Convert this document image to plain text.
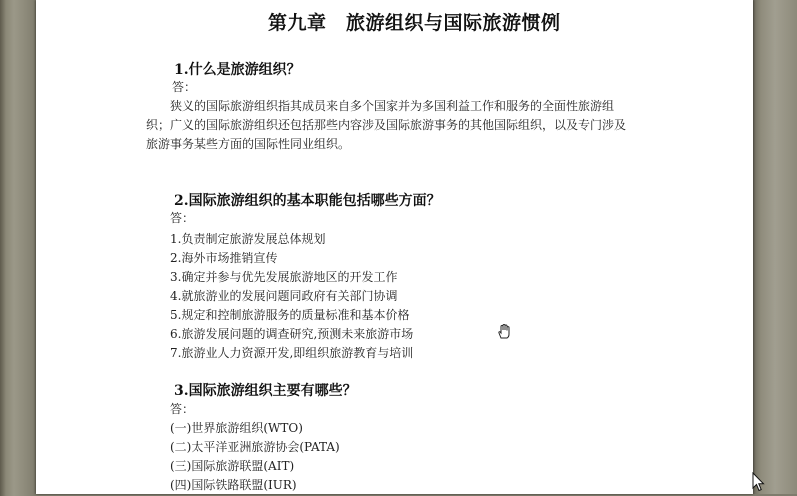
第九章　旅游组织与国际旅游惯例
1.什么是旅游组织？
答：
狭义的国际旅游组织指其成员来自多个国家并为多国利益工作和服务的全面性旅游组
织；广义的国际旅游组织还包括那些内容涉及国际旅游事务的其他国际组织，以及专门涉及
旅游事务某些方面的国际性同业组织。
2.国际旅游组织的基本职能包括哪些方面？
答：
1.负责制定旅游发展总体规划
2.海外市场推销宣传
3.确定并参与优先发展旅游地区的开发工作
4.就旅游业的发展问题同政府有关部门协调
5.规定和控制旅游服务的质量标准和基本价格
6.旅游发展问题的调查研究,预测未来旅游市场
7.旅游业人力资源开发,即组织旅游教育与培训
3.国际旅游组织主要有哪些？
答：
(一)世界旅游组织(WTO)
(二)太平洋亚洲旅游协会(PATA)
(三)国际旅游联盟(AIT)
(四)国际铁路联盟(IUR)
